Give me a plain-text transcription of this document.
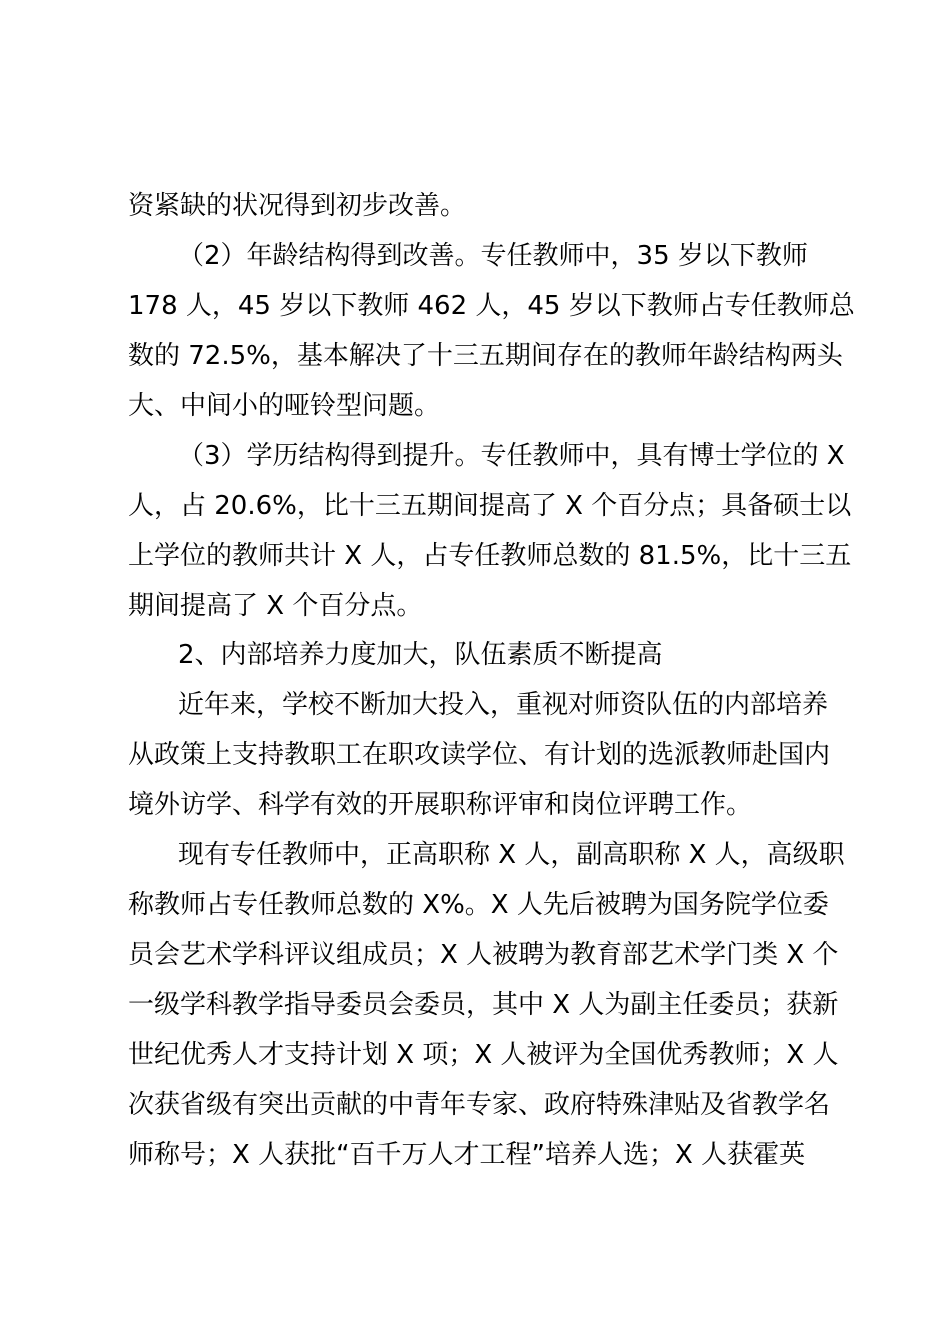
资紧缺的状况得到初步改善。
（2）年龄结构得到改善。专任教师中，35 岁以下教师
178 人，45 岁以下教师 462 人，45 岁以下教师占专任教师总
数的 72.5%，基本解决了十三五期间存在的教师年龄结构两头
大、中间小的哑铃型问题。
（3）学历结构得到提升。专任教师中，具有博士学位的 X
人，占 20.6%，比十三五期间提高了 X 个百分点；具备硕士以
上学位的教师共计 X 人，占专任教师总数的 81.5%，比十三五
期间提高了 X 个百分点。
2、内部培养力度加大，队伍素质不断提高
近年来，学校不断加大投入，重视对师资队伍的内部培养
从政策上支持教职工在职攻读学位、有计划的选派教师赴国内
境外访学、科学有效的开展职称评审和岗位评聘工作。
现有专任教师中，正高职称 X 人，副高职称 X 人，高级职
称教师占专任教师总数的 X%。X 人先后被聘为国务院学位委
员会艺术学科评议组成员；X 人被聘为教育部艺术学门类 X 个
一级学科教学指导委员会委员，其中 X 人为副主任委员；获新
世纪优秀人才支持计划 X 项；X 人被评为全国优秀教师；X 人
次获省级有突出贡献的中青年专家、政府特殊津贴及省教学名
师称号；X 人获批“百千万人才工程”培养人选；X 人获霍英
